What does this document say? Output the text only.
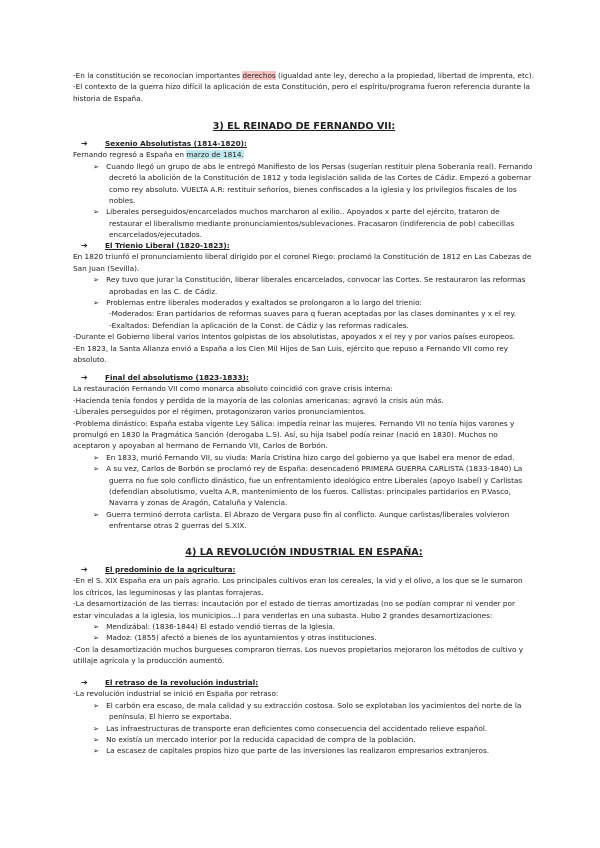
-En la constitución se reconocían importantes derechos (igualdad ante ley, derecho a la propiedad, libertad de imprenta, etc).
-El contexto de la guerra hizo difícil la aplicación de esta Constitución, pero el espíritu/programa fueron referencia durante la historia de España.
3) EL REINADO DE FERNANDO VII:
➔ Sexenio Absolutistas (1814-1820):
Fernando regresó a España en marzo de 1814.
➢ Cuando llegó un grupo de abs le entregó Manifiesto de los Persas (sugerían restituir plena Soberanía real). Fernando decretó la abolición de la Constitución de 1812 y toda legislación salida de las Cortes de Cádiz. Empezó a gobernar como rey absoluto. VUELTA A.R: restituir señoríos, bienes confiscados a la iglesia y los privilegios fiscales de los nobles.
➢ Liberales perseguidos/encarcelados muchos marcharon al exilio.. Apoyados x parte del ejército, trataron de restaurar el liberalismo mediante pronunciamientos/sublevaciones. Fracasaron (indiferencia de pob) cabecillas encarcelados/ejecutados.
➔ El Trienio Liberal (1820-1823):
En 1820 triunfó el pronunciamiento liberal dirigido por el coronel Riego: proclamó la Constitución de 1812 en Las Cabezas de San Juan (Sevilla).
➢ Rey tuvo que jurar la Constitución, liberar liberales encarcelados, convocar las Cortes. Se restauraron las reformas aprobadas en las C. de Cádiz.
➢ Problemas entre liberales moderados y exaltados se prolongaron a lo largo del trienio:
-Moderados: Eran partidarios de reformas suaves para q fueran aceptadas por las clases dominantes y x el rey.
-Exaltados: Defendían la aplicación de la Const. de Cádiz y las reformas radicales.
-Durante el Gobierno liberal varios intentos golpistas de los absolutistas, apoyados x el rey y por varios países europeos.
-En 1823, la Santa Alianza envió a España a los Cien Mil Hijos de San Luis, ejército que repuso a Fernando VII como rey absoluto.
➔ Final del absolutismo (1823-1833):
La restauración Fernando VII como monarca absoluto coincidió con grave crisis interna:
-Hacienda tenía fondos y perdida de la mayoría de las colonias americanas: agravó la crisis aún más.
-Liberales perseguidos por el régimen, protagonizaron varios pronunciamientos.
-Problema dinástico: España estaba vigente Ley Sálica: impedía reinar las mujeres. Fernando VII no tenía hijos varones y promulgó en 1830 la Pragmática Sanción (derogaba L.S). Así, su hija Isabel podía reinar (nació en 1830). Muchos no aceptaron y apoyaban al hermano de Fernando VII, Carlos de Borbón.
➢ En 1833, murió Fernando VII, su viuda: María Cristina hizo cargo del gobierno ya que Isabel era menor de edad.
➢ A su vez, Carlos de Borbón se proclamó rey de España: desencadenó PRIMERA GUERRA CARLISTA (1833-1840) La guerra no fue solo conflicto dinástico, fue un enfrentamiento ideológico entre Liberales (apoyo Isabel) y Carlistas (defendían absolutismo, vuelta A.R, mantenimiento de los fueros. Callistas: principales partidarios en P.Vasco, Navarra y zonas de Aragón, Cataluña y Valencia.
➢ Guerra terminó derrota carlista. El Abrazo de Vergara puso fin al conflicto. Aunque carlistas/liberales volvieron enfrentarse otras 2 guerras del S.XIX.
4) LA REVOLUCIÓN INDUSTRIAL EN ESPAÑA:
➔ El predominio de la agricultura:
-En el S. XIX España era un país agrario. Los principales cultivos eran los cereales, la vid y el olivo, a los que se le sumaron los cítricos, las leguminosas y las plantas forrajeras.
-La desamortización de las tierras: incautación por el estado de tierras amortizadas (no se podían comprar ni vender por estar vinculadas a la iglesia, los municipios...) para venderlas en una subasta. Hubo 2 grandes desamortizaciones:
➢ Mendizábal: (1836-1844) El estado vendió tierras de la Iglesia.
➢ Madoz: (1855) afectó a bienes de los ayuntamientos y otras instituciones.
-Con la desamortización muchos burgueses compraron tierras. Los nuevos propietarios mejoraron los métodos de cultivo y utillaje agrícola y la producción aumentó.
➔ El retraso de la revolución industrial:
-La revolución industrial se inició en España por retraso:
➢ El carbón era escaso, de mala calidad y su extracción costosa. Solo se explotaban los yacimientos del norte de la península. El hierro se exportaba.
➢ Las infraestructuras de transporte eran deficientes como consecuencia del accidentado relieve español.
➢ No existía un mercado interior por la reducida capacidad de compra de la población.
➢ La escasez de capitales propios hizo que parte de las inversiones las realizaron empresarios extranjeros.
